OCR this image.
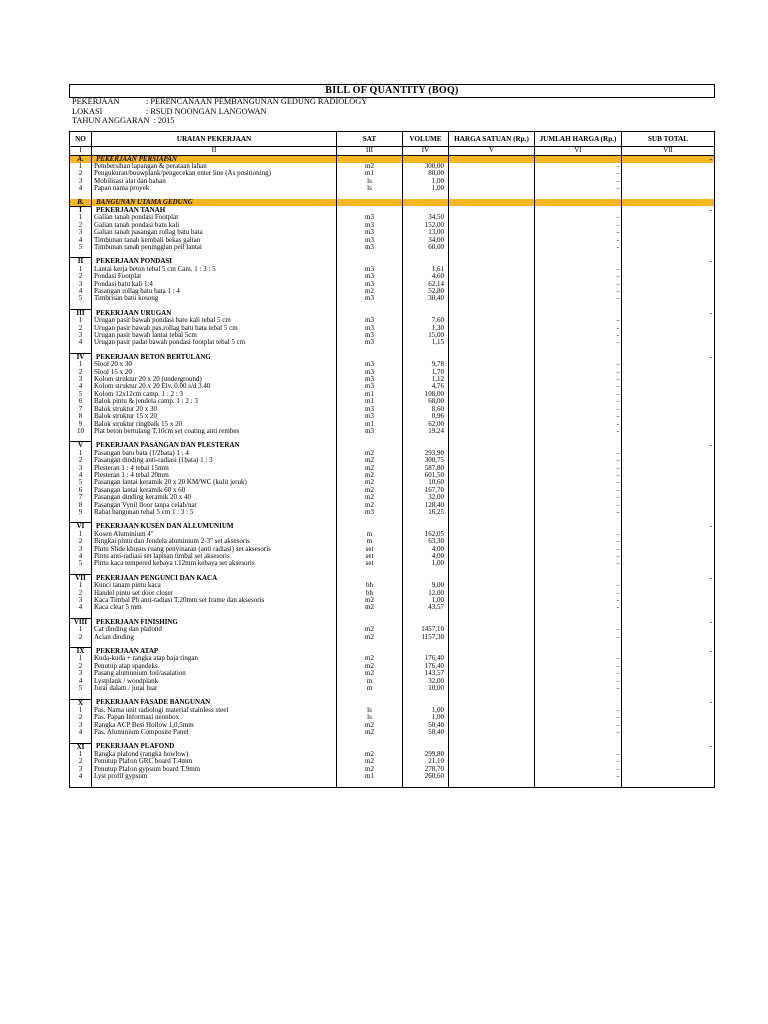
BILL OF QUANTITY (BOQ)
PEKERJAAN	: PERENCANAAN PEMBANGUNAN GEDUNG RADIOLOGY
LOKASI	: RSUD NOONGAN LANGOWAN
TAHUN ANGGARAN : 2015
NO	URAIAN PEKERJAAN	SAT	VOLUME	HARGA SATUAN (Rp.)	JUMLAH HARGA (Rp.)	SUB TOTAL
I	II	III	IV	V	VI	VII
A.	PEKERJAAN PERSIAPAN					-
1	Pembersihan lapangan & perataan lahan	m2	300,00		-	
2	Pengukuran/bouwplank/pengecekan enter line (As positioning)	m1	80,00		-	
3	Mobilisasi alat dan bahan	ls	1,00		-	
4	Papan nama proyek	ls	1,00		-	

B.	BANGUNAN UTAMA GEDUNG					
I	PEKERJAAN TANAH					-
1	Galian tanah pondasi Footplat	m3	34,50		-	
2	Galian tanah pondasi batu kali	m3	152,00		-	
3	Galian tanah pasangan rollag batu bata	m3	13,00		-	
4	Timbunan tanah kembali bekas galian	m3	34,00		-	
5	Timbunan tanah peninggian peil lantai	m3	60,00		-	

II	PEKERJAAN PONDASI					-
1	Lantai kerja beton tebal 5 cm Cam. 1 : 3 : 5	m3	1,61		-	
2	Pondasi Footplat	m3	4,60		-	
3	Pondasi batu kali 1:4	m3	62,14		-	
4	Pasangan rollag batu bata 1 : 4	m2	52,80		-	
5	Timbrisan batu kosong	m3	30,40		-	

III	PEKERJAAN URUGAN					-
1	Urugan pasir bawah pondasi batu kali tebal 5 cm	m3	7,60		-	
2	Urugan pasir bawah pas.rollag batu bata tebal 5 cm	m3	1,30		-	
3	Urugan pasir bawah lantai tebal 5cm	m3	15,00		-	
4	Urugan pasir padat bawah pondasi footplat tebal 5 cm	m3	1,15		-	

IV	PEKERJAAN BETON BERTULANG					-
1	Sloof 20 x 30	m3	9,78		-	
2	Sloof 15 x 20	m3	1,70		-	
3	Kolom struktur 20 x 20 (underground)	m3	1,12		-	
4	Kolom struktur 20 x 20 Elv. 0.00 s/d 3.40	m3	4,76		-	
5	Kolom 12x12cm camp. 1 : 2 : 3	m1	108,00		-	
6	Balok pintu & jendela camp. 1 : 2 : 3	m1	68,00		-	
7	Balok struktur 20 x 30	m3	8,60		-	
8	Balok struktur 15 x 20	m3	0,96		-	
9	Balok struktur ringbalk 15 x 20	m1	62,00		-	
10	Plat beton bertulang T.10cm set coating anti rembes	m3	19,24		-	

V	PEKERJAAN PASANGAN DAN PLESTERAN					-
1	Pasangan batu bata (1/2bata) 1 : 4	m2	293,90		-	
2	Pasangan dinding anti-radiasi (1bata) 1 : 3	m2	300,75		-	
3	Plesteran 1 : 4 tebal 15mm	m2	587,80		-	
4	Plesteran 1 : 4 tebal 20mm	m2	601,50		-	
5	Pasangan lantai keramik 20 x 20 KM/WC (kulit jeruk)	m2	10,60		-	
6	Pasangan lantai keramik 60 x 60	m2	167,70		-	
7	Pasangan dinding keramik 20 x 40	m2	32,00		-	
8	Pasangan Vynil floor tanpa celah/nat	m2	128,40		-	
9	Rabat bangunan tebal 5 cm 1 : 3 : 5	m3	16,25		-	

VI	PEKERJAAN KUSEN DAN ALLUMUNIUM					-
1	Kosen Aluminium 4"	m	162,05		-	
2	Bingkai pintu dan Jendela aluminium 2-3" set aksesoris	m	63,30		-	
3	Pintu Slide khusus ruang penyinaran (anti radiasi) set aksesoris	set	4,00		-	
4	Pintu anti-radiasi set lapisan timbal set aksesoris	set	4,00		-	
5	Pintu kaca tempered kebaya t.12mm kebaya set aksesoris	set	1,00		-	

VII	PEKERJAAN PENGUNCI DAN KACA					-
1	Kunci tanam pintu kaca	bh	9,00		-	
2	Handel pintu set door closer	bh	12,00		-	
3	Kaca Timbal Pb anti-radiasi T.20mm set frame dan aksesoris	m2	1,00		-	
4	Kaca clear 5 mm	m2	43,57		-	

VIII	PEKERJAAN FINISHING					-
1	Cat dinding dan plafond	m2	1457,10		-	
2	Acian dinding	m2	1157,30		-	

IX	PEKERJAAN ATAP					-
1	Kuda-kuda + rangka atap baja ringan	m2	176,40		-	
2	Penutup atap spandeks	m2	176,40		-	
3	Pasang alumunium foil/asalation	m2	143,57		-	
4	Lystplank / woodplank	m	32,00		-	
5	Jurai dalam / jurai luar	m	10,00		-	

X	PEKERJAAN FASADE BANGUNAN					-
1	Pas. Nama unit radiologi material stainless steel	ls	1,00		-	
2	Pas. Papan Informasi neonbox	ls	1,00		-	
3	Rangka ACP Besi Hollow 1,0,5mm	m2	50,40		-	
4	Pas. Aluminium Composite Panel	m2	50,40		-	

XI	PEKERJAAN PLAFOND					-
1	Rangka plafond (rangka howlow)	m2	299,80		-	
2	Penutup Plafon GRC board T.4mm	m2	21,10		-	
3	Penutup Plafon gypsum board T.9mm	m2	278,70		-	
4	Lyst profil gypsum	m1	260,60		-	
